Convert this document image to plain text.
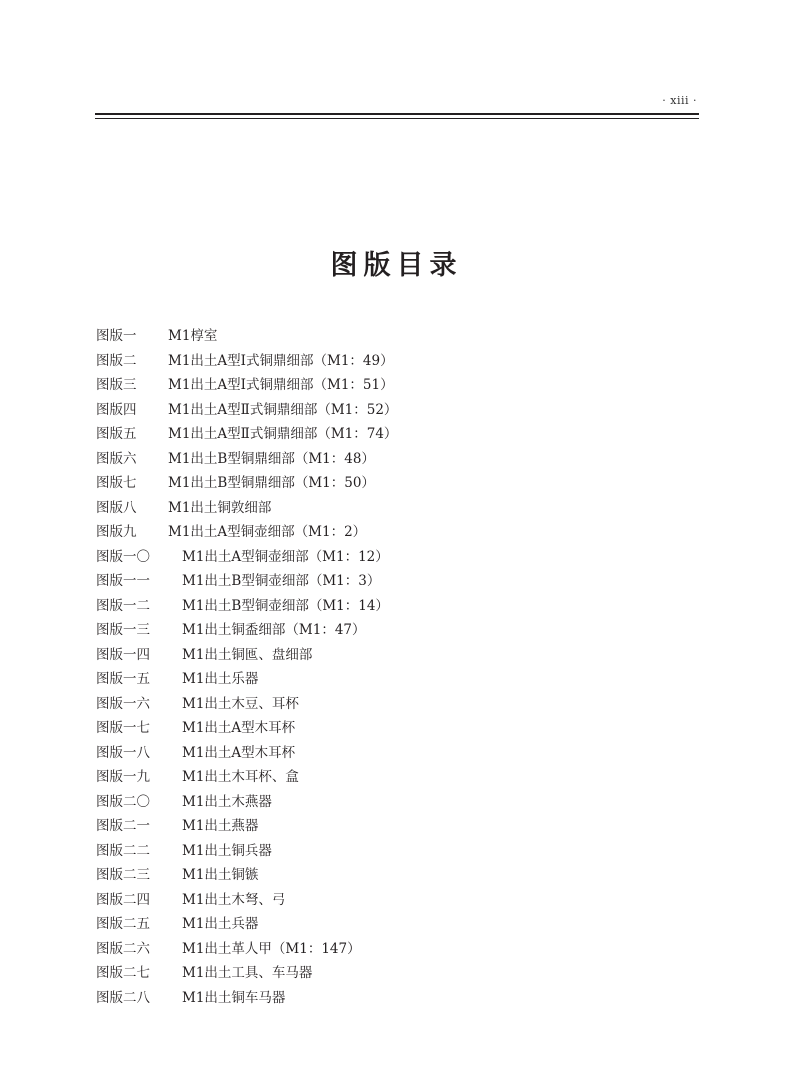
· xiii ·
图版目录
图版一	M1椁室
图版二	M1出土A型Ⅰ式铜鼎细部（M1：49）
图版三	M1出土A型Ⅰ式铜鼎细部（M1：51）
图版四	M1出土A型Ⅱ式铜鼎细部（M1：52）
图版五	M1出土A型Ⅱ式铜鼎细部（M1：74）
图版六	M1出土B型铜鼎细部（M1：48）
图版七	M1出土B型铜鼎细部（M1：50）
图版八	M1出土铜敦细部
图版九	M1出土A型铜壶细部（M1：2）
图版一〇	M1出土A型铜壶细部（M1：12）
图版一一	M1出土B型铜壶细部（M1：3）
图版一二	M1出土B型铜壶细部（M1：14）
图版一三	M1出土铜盉细部（M1：47）
图版一四	M1出土铜匜、盘细部
图版一五	M1出土乐器
图版一六	M1出土木豆、耳杯
图版一七	M1出土A型木耳杯
图版一八	M1出土A型木耳杯
图版一九	M1出土木耳杯、盒
图版二〇	M1出土木燕器
图版二一	M1出土燕器
图版二二	M1出土铜兵器
图版二三	M1出土铜镞
图版二四	M1出土木弩、弓
图版二五	M1出土兵器
图版二六	M1出土革人甲（M1：147）
图版二七	M1出土工具、车马器
图版二八	M1出土铜车马器
